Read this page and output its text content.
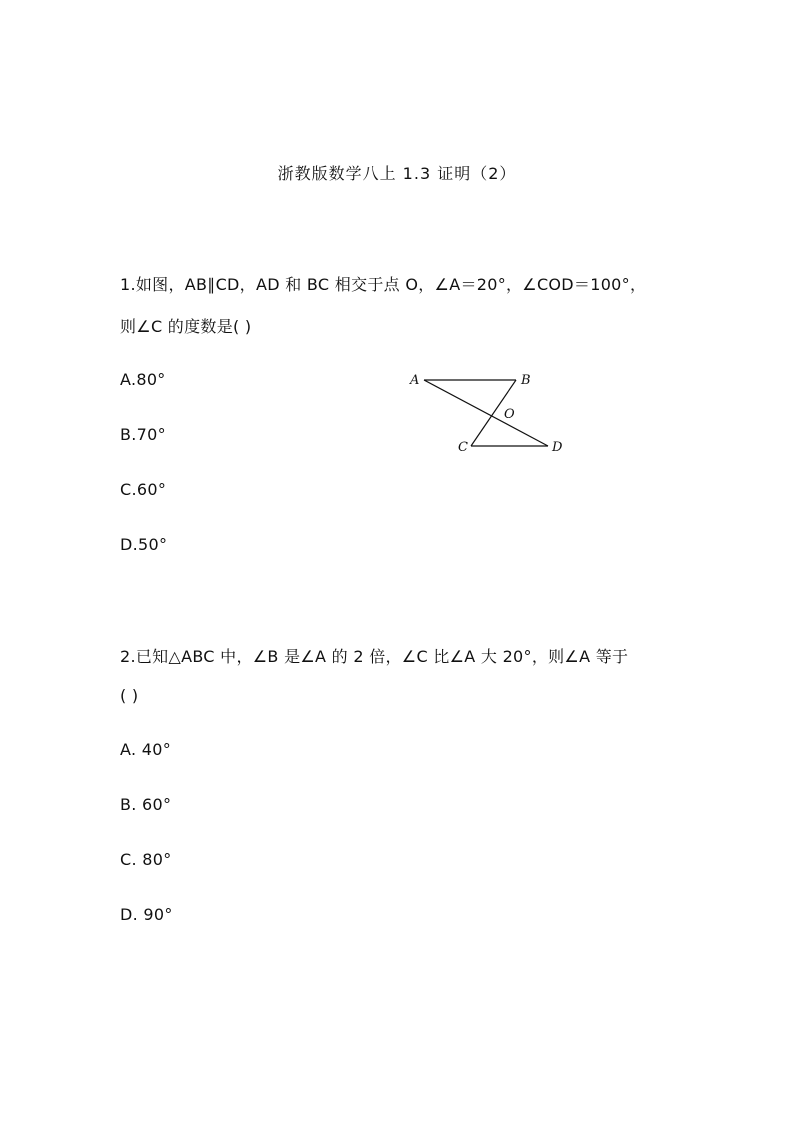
浙教版数学八上 1.3 证明（2）
1.如图，AB∥CD，AD 和 BC 相交于点 O，∠A＝20°，∠COD＝100°，
则∠C 的度数是( )
A.80°
B.70°
C.60°
D.50°
A	B
O
C	D
2.已知△ABC 中，∠B 是∠A 的 2 倍，∠C 比∠A 大 20°，则∠A 等于
( )
A. 40°
B. 60°
C. 80°
D. 90°
